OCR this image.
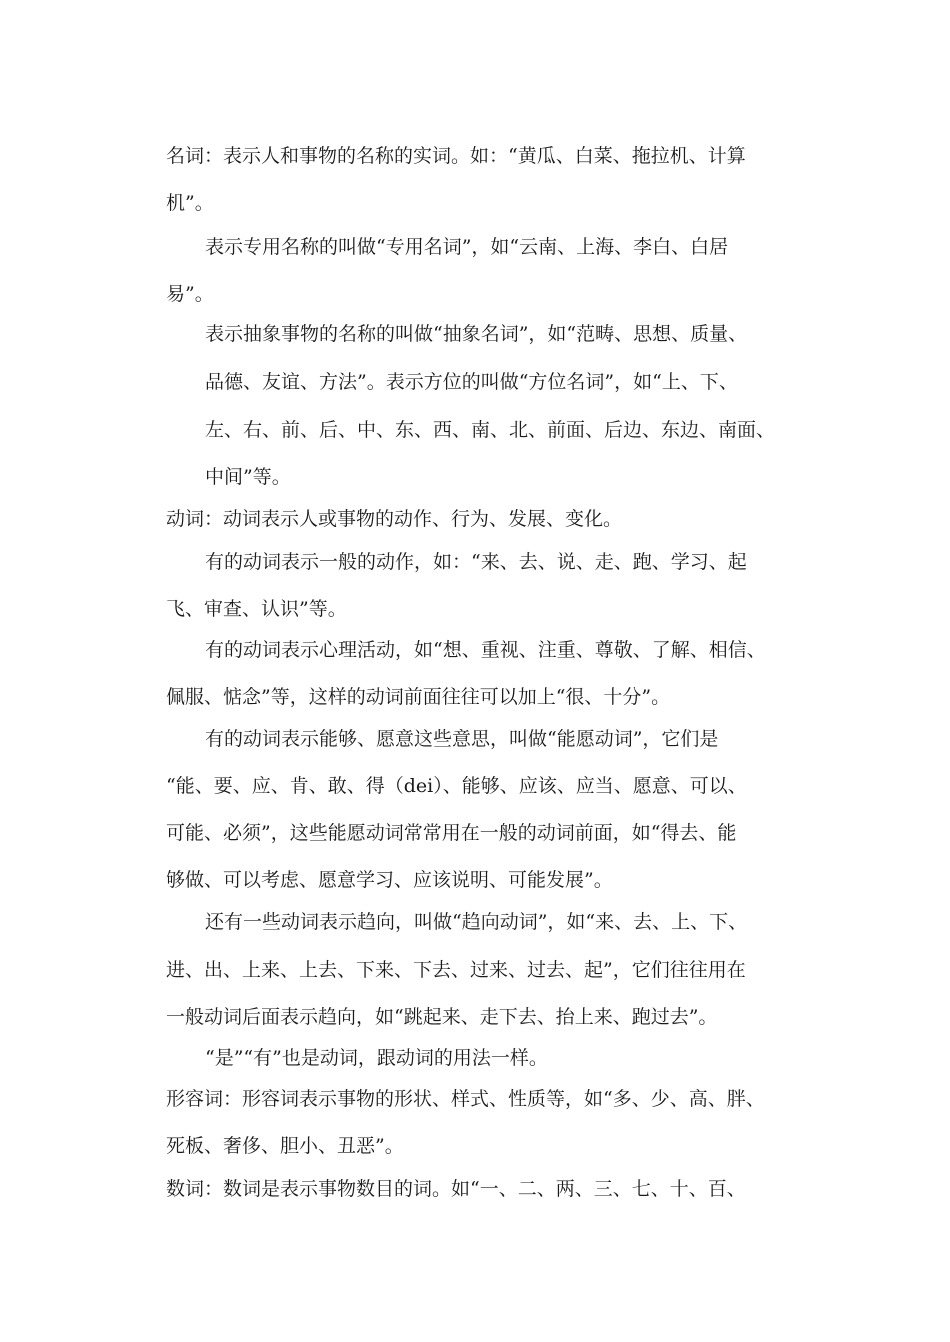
名词：表示人和事物的名称的实词。如：“黄瓜、白菜、拖拉机、计算
机”。
表示专用名称的叫做“专用名词”，如“云南、上海、李白、白居
易”。
表示抽象事物的名称的叫做“抽象名词”，如“范畴、思想、质量、
品德、友谊、方法”。表示方位的叫做“方位名词”，如“上、下、
左、右、前、后、中、东、西、南、北、前面、后边、东边、南面、
中间”等。
动词：动词表示人或事物的动作、行为、发展、变化。
有的动词表示一般的动作，如：“来、去、说、走、跑、学习、起
飞、审查、认识”等。
有的动词表示心理活动，如“想、重视、注重、尊敬、了解、相信、
佩服、惦念”等，这样的动词前面往往可以加上“很、十分”。
有的动词表示能够、愿意这些意思，叫做“能愿动词”，它们是
“能、要、应、肯、敢、得（dei）、能够、应该、应当、愿意、可以、
可能、必须”，这些能愿动词常常用在一般的动词前面，如“得去、能
够做、可以考虑、愿意学习、应该说明、可能发展”。
还有一些动词表示趋向，叫做“趋向动词”，如“来、去、上、下、
进、出、上来、上去、下来、下去、过来、过去、起”，它们往往用在
一般动词后面表示趋向，如“跳起来、走下去、抬上来、跑过去”。
“是”“有”也是动词，跟动词的用法一样。
形容词：形容词表示事物的形状、样式、性质等，如“多、少、高、胖、
死板、奢侈、胆小、丑恶”。
数词：数词是表示事物数目的词。如“一、二、两、三、七、十、百、
